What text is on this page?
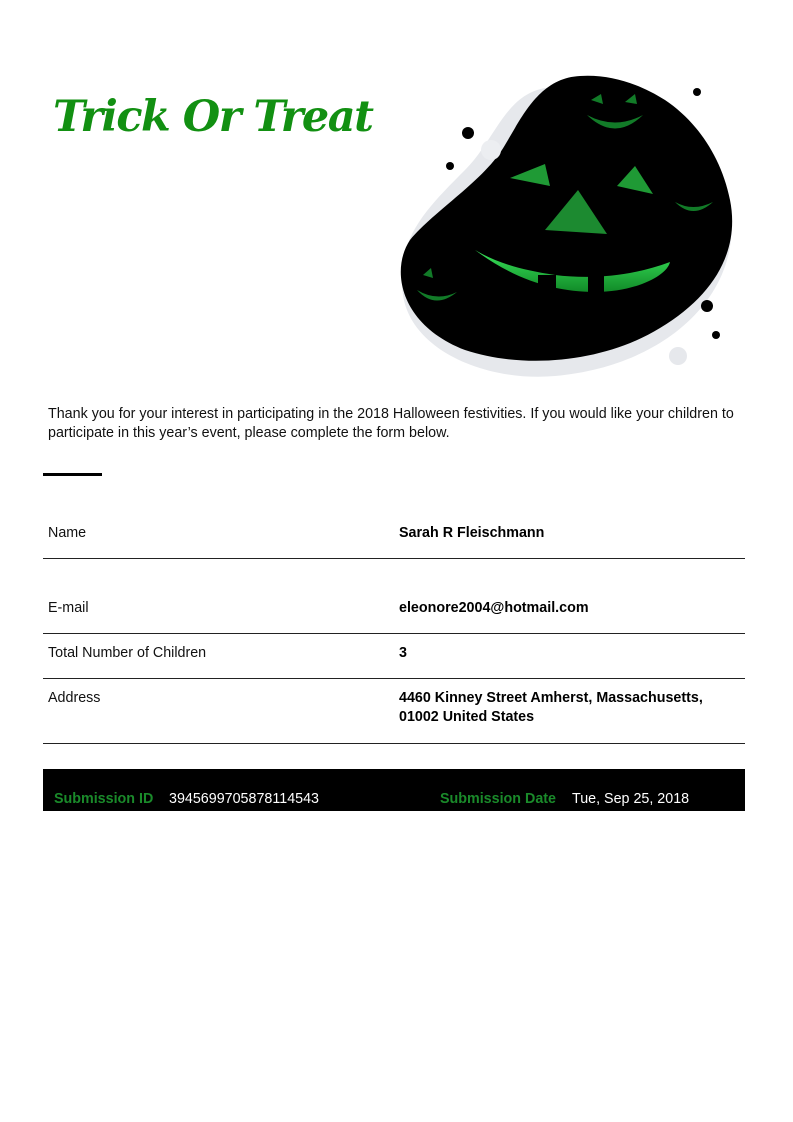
Trick Or Treat

Thank you for your interest in participating in the 2018 Halloween festivities. If you would like your children to participate in this year’s event, please complete the form below.

Name	Sarah R Fleischmann
E-mail	eleonore2004@hotmail.com
Total Number of Children	3
Address	4460 Kinney Street Amherst, Massachusetts, 01002 United States
Submission ID 3945699705878114543	Submission Date Tue, Sep 25, 2018
